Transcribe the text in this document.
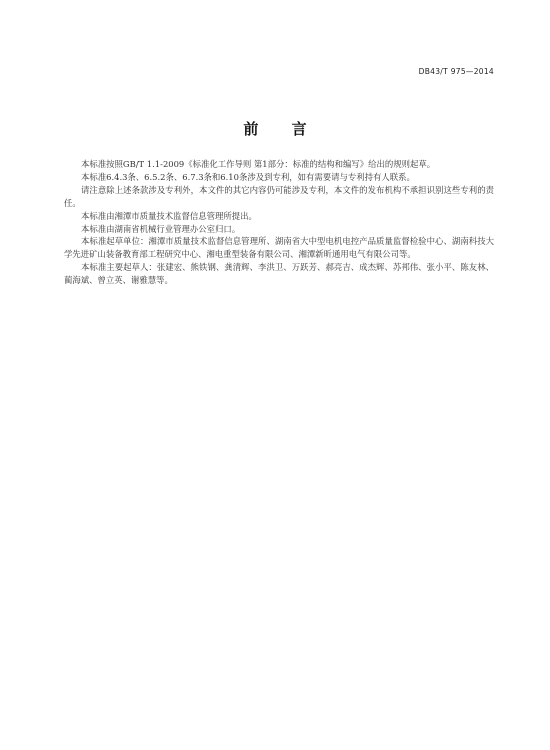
DB43/T 975—2014
前 言

本标准按照GB/T 1.1-2009《标准化工作导则 第1部分：标准的结构和编写》给出的规则起草。

本标准6.4.3条、6.5.2条、6.7.3条和6.10条涉及到专利，如有需要请与专利持有人联系。

请注意除上述条款涉及专利外，本文件的其它内容仍可能涉及专利，本文件的发布机构不承担识别这些专利的责任。

本标准由湘潭市质量技术监督信息管理所提出。

本标准由湖南省机械行业管理办公室归口。

本标准起草单位：湘潭市质量技术监督信息管理所、湖南省大中型电机电控产品质量监督检验中心、湖南科技大学先进矿山装备教育部工程研究中心、湘电重型装备有限公司、湘潭新昕通用电气有限公司等。

本标准主要起草人：张建宏、熊铁钢、龚清辉、李洪卫、万跃芳、郝亮吉、成杰辉、苏邦伟、张小平、陈友林、蔺海斌、曾立英、谢雅慧等。
